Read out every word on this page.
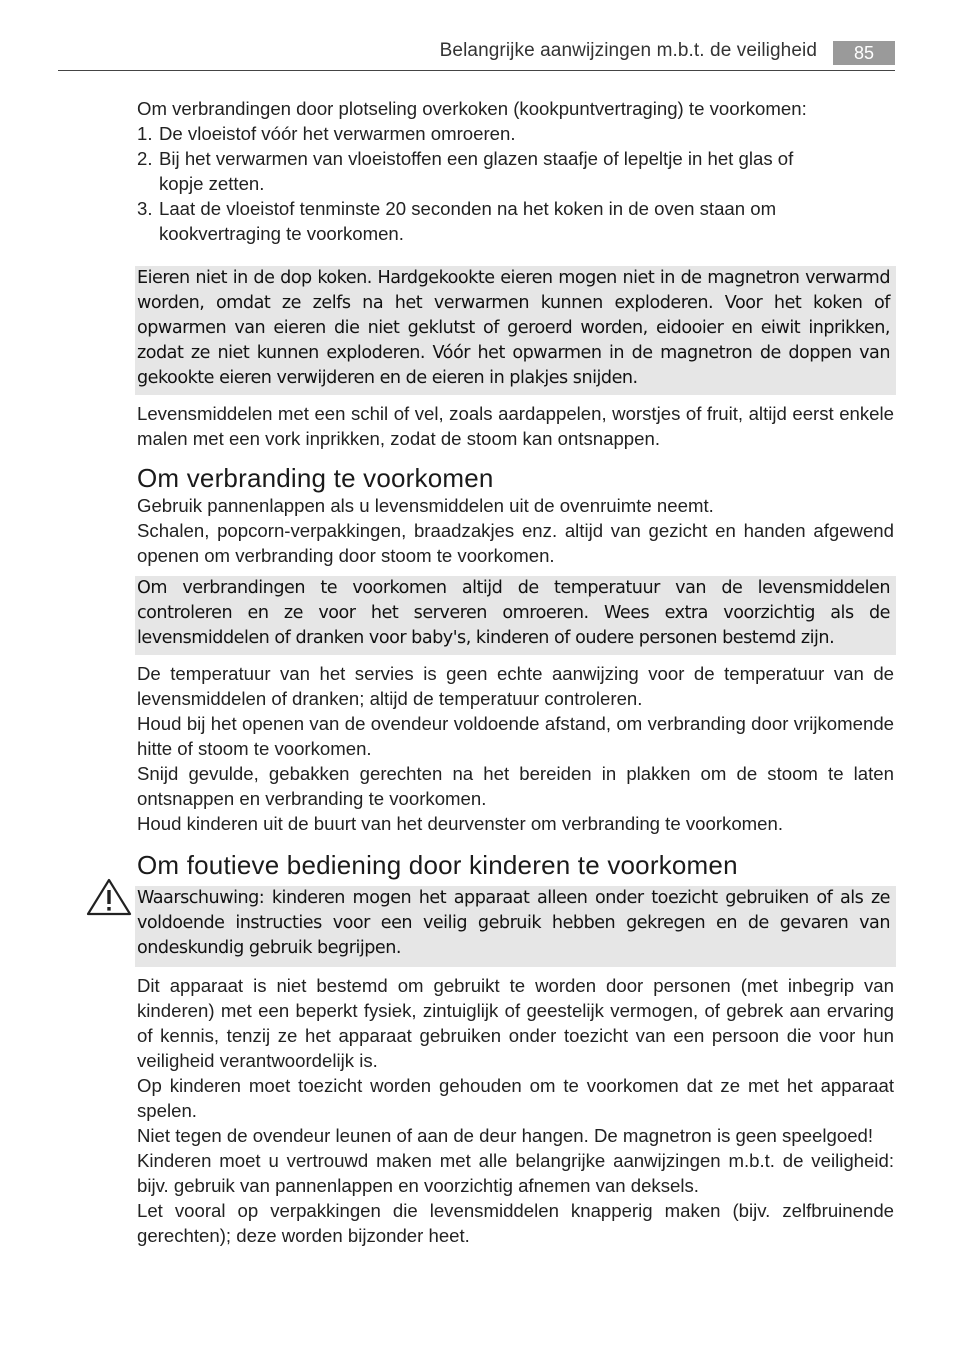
Belangrijke aanwijzingen m.b.t. de veiligheid	85

Om verbrandingen door plotseling overkoken (kookpuntvertraging) te voorkomen:

1. De vloeistof vóór het verwarmen omroeren.
2. Bij het verwarmen van vloeistoffen een glazen staafje of lepeltje in het glas of kopje zetten.
3. Laat de vloeistof tenminste 20 seconden na het koken in de oven staan om kookvertraging te voorkomen.

Eieren niet in de dop koken. Hardgekookte eieren mogen niet in de magnetron verwarmd worden, omdat ze zelfs na het verwarmen kunnen exploderen. Voor het koken of opwarmen van eieren die niet geklutst of geroerd worden, eidooier en eiwit inprikken, zodat ze niet kunnen exploderen. Vóór het opwarmen in de magnetron de doppen van gekookte eieren verwijderen en de eieren in plakjes snijden.

Levensmiddelen met een schil of vel, zoals aardappelen, worstjes of fruit, altijd eerst enkele malen met een vork inprikken, zodat de stoom kan ontsnappen.

Om verbranding te voorkomen

Gebruik pannenlappen als u levensmiddelen uit de ovenruimte neemt.

Schalen, popcorn-verpakkingen, braadzakjes enz. altijd van gezicht en handen afgewend openen om verbranding door stoom te voorkomen.

Om verbrandingen te voorkomen altijd de temperatuur van de levensmiddelen controleren en ze voor het serveren omroeren. Wees extra voorzichtig als de levensmiddelen of dranken voor baby's, kinderen of oudere personen bestemd zijn.

De temperatuur van het servies is geen echte aanwijzing voor de temperatuur van de levensmiddelen of dranken; altijd de temperatuur controleren.

Houd bij het openen van de ovendeur voldoende afstand, om verbranding door vrijkomende hitte of stoom te voorkomen.

Snijd gevulde, gebakken gerechten na het bereiden in plakken om de stoom te laten ontsnappen en verbranding te voorkomen.

Houd kinderen uit de buurt van het deurvenster om verbranding te voorkomen.

Om foutieve bediening door kinderen te voorkomen

Waarschuwing: kinderen mogen het apparaat alleen onder toezicht gebruiken of als ze voldoende instructies voor een veilig gebruik hebben gekregen en de gevaren van ondeskundig gebruik begrijpen.

Dit apparaat is niet bestemd om gebruikt te worden door personen (met inbegrip van kinderen) met een beperkt fysiek, zintuiglijk of geestelijk vermogen, of gebrek aan ervaring of kennis, tenzij ze het apparaat gebruiken onder toezicht van een persoon die voor hun veiligheid verantwoordelijk is.

Op kinderen moet toezicht worden gehouden om te voorkomen dat ze met het apparaat spelen.

Niet tegen de ovendeur leunen of aan de deur hangen. De magnetron is geen speelgoed!

Kinderen moet u vertrouwd maken met alle belangrijke aanwijzingen m.b.t. de veiligheid: bijv. gebruik van pannenlappen en voorzichtig afnemen van deksels.

Let vooral op verpakkingen die levensmiddelen knapperig maken (bijv. zelfbruinende gerechten); deze worden bijzonder heet.
